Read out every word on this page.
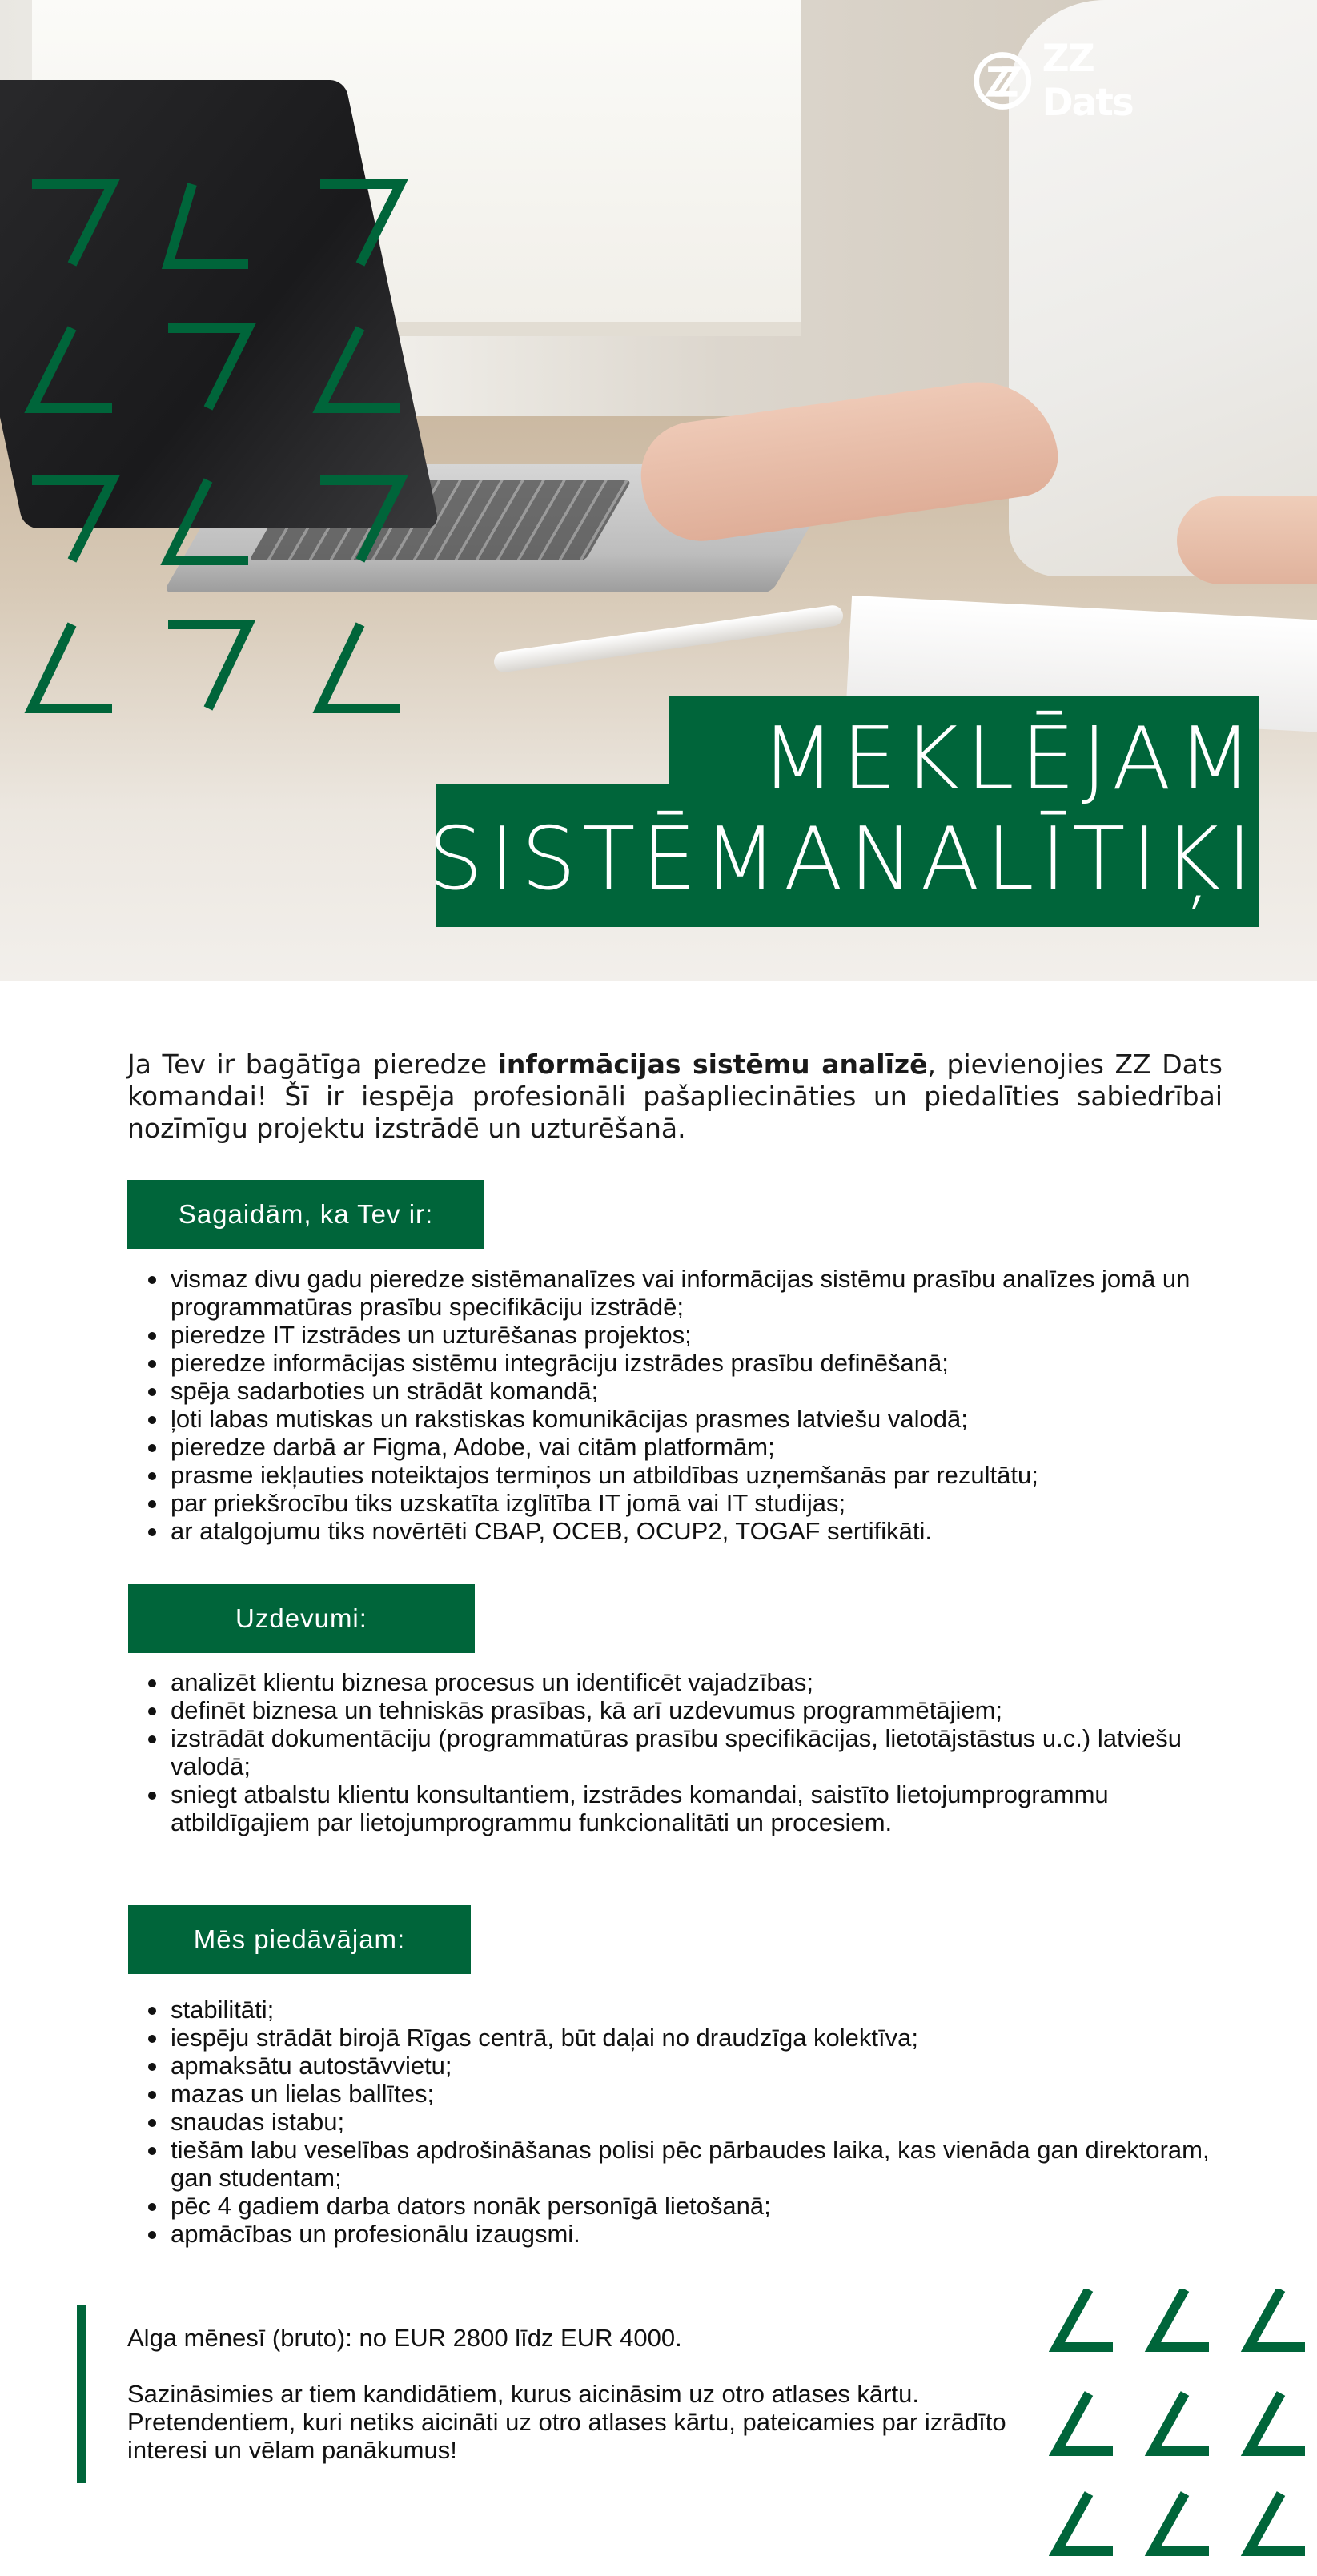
ZZ Dats
MEKLĒJAM
SISTĒMANALĪTIĶI

Ja Tev ir bagātīga pieredze informācijas sistēmu analīzē, pievienojies ZZ Dats komandai! Šī ir iespēja profesionāli pašapliecināties un piedalīties sabiedrībai nozīmīgu projektu izstrādē un uzturēšanā.

Sagaidām, ka Tev ir:
vismaz divu gadu pieredze sistēmanalīzes vai informācijas sistēmu prasību analīzes jomā un programmatūras prasību specifikāciju izstrādē;
pieredze IT izstrādes un uzturēšanas projektos;
pieredze informācijas sistēmu integrāciju izstrādes prasību definēšanā;
spēja sadarboties un strādāt komandā;
ļoti labas mutiskas un rakstiskas komunikācijas prasmes latviešu valodā;
pieredze darbā ar Figma, Adobe, vai citām platformām;
prasme iekļauties noteiktajos termiņos un atbildības uzņemšanās par rezultātu;
par priekšrocību tiks uzskatīta izglītība IT jomā vai IT studijas;
ar atalgojumu tiks novērtēti CBAP, OCEB, OCUP2, TOGAF sertifikāti.
Uzdevumi:
analizēt klientu biznesa procesus un identificēt vajadzības;
definēt biznesa un tehniskās prasības, kā arī uzdevumus programmētājiem;
izstrādāt dokumentāciju (programmatūras prasību specifikācijas, lietotājstāstus u.c.) latviešu valodā;
sniegt atbalstu klientu konsultantiem, izstrādes komandai, saistīto lietojumprogrammu atbildīgajiem par lietojumprogrammu funkcionalitāti un procesiem.
Mēs piedāvājam:
stabilitāti;
iespēju strādāt birojā Rīgas centrā, būt daļai no draudzīga kolektīva;
apmaksātu autostāvvietu;
mazas un lielas ballītes;
snaudas istabu;
tiešām labu veselības apdrošināšanas polisi pēc pārbaudes laika, kas vienāda gan direktoram, gan studentam;
pēc 4 gadiem darba dators nonāk personīgā lietošanā;
apmācības un profesionālu izaugsmi.

Alga mēnesī (bruto): no EUR 2800 līdz EUR 4000.

Sazināsimies ar tiem kandidātiem, kurus aicināsim uz otro atlases kārtu. Pretendentiem, kuri netiks aicināti uz otro atlases kārtu, pateicamies par izrādīto interesi un vēlam panākumus!
